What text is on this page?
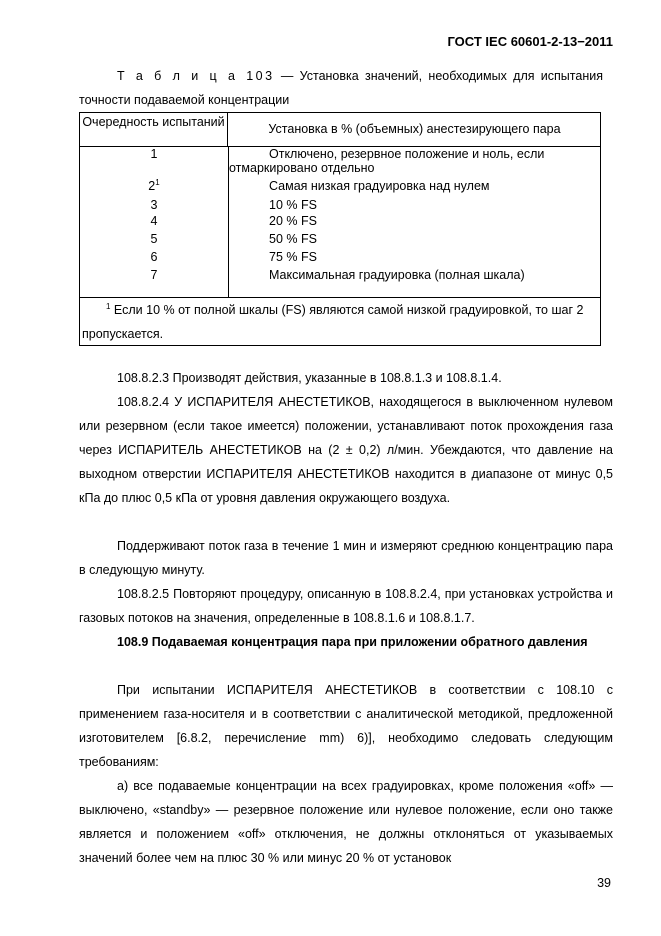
ГОСТ IEC 60601-2-13−2011
Т а б л и ц а 103 — Установка значений, необходимых для испытания точности подаваемой концентрации
Очередность испытаний	Установка в % (объемных) анестезирующего пара
1	Отключено, резервное положение и ноль, если отмаркировано отдельно
$2^1$	Самая низкая градуировка над нулем
3	10 % FS
4	20 % FS
5	50 % FS
6	75 % FS
7	Максимальная градуировка (полная шкала)
$^1$ Если 10 % от полной шкалы (FS) являются самой низкой градуировкой, то шаг 2 пропускается.

108.8.2.3 Производят действия, указанные в 108.8.1.3 и 108.8.1.4.

108.8.2.4 У ИСПАРИТЕЛЯ АНЕСТЕТИКОВ, находящегося в выключенном нулевом или резервном (если такое имеется) положении, устанавливают поток прохождения газа через ИСПАРИТЕЛЬ АНЕСТЕТИКОВ на (2 ± 0,2) л/мин. Убеждаются, что давление на выходном отверстии ИСПАРИТЕЛЯ АНЕСТЕТИКОВ находится в диапазоне от минус 0,5 кПа до плюс 0,5 кПа от уровня давления окружающего воздуха.

Поддерживают поток газа в течение 1 мин и измеряют среднюю концентрацию пара в следующую минуту.

108.8.2.5 Повторяют процедуру, описанную в 108.8.2.4, при установках устройства и газовых потоков на значения, определенные в 108.8.1.6 и 108.8.1.7.

108.9 Подаваемая концентрация пара при приложении обратного давления

При испытании ИСПАРИТЕЛЯ АНЕСТЕТИКОВ в соответствии с 108.10 с применением газа-носителя и в соответствии с аналитической методикой, предложенной изготовителем [6.8.2, перечисление mm) 6)], необходимо следовать следующим требованиям:

а) все подаваемые концентрации на всех градуировках, кроме положения «off» — выключено, «standby» — резервное положение или нулевое положение, если оно также является и положением «off» отключения, не должны отклоняться от указываемых значений более чем на плюс 30 % или минус 20 % от установок

39
